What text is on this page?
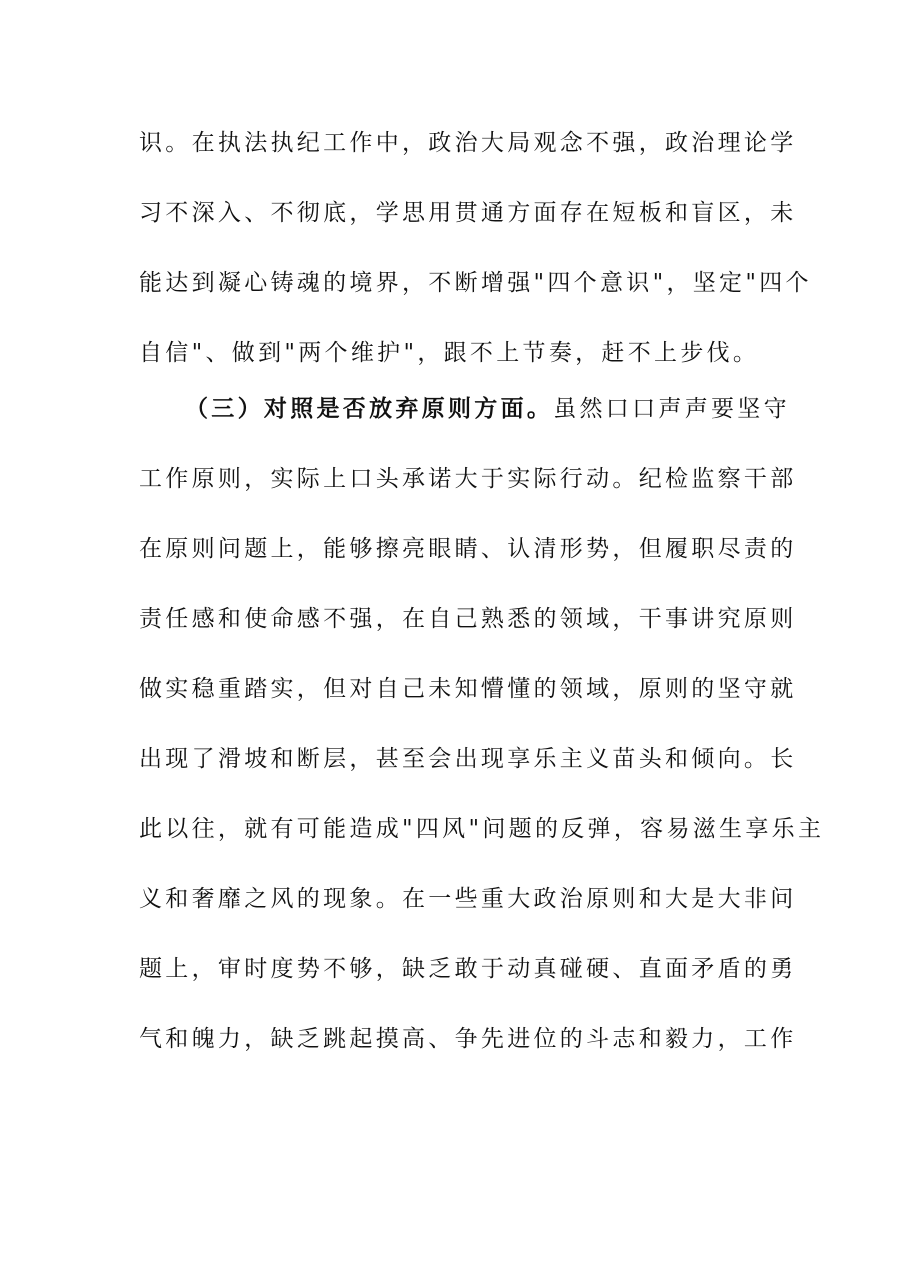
识。在执法执纪工作中，政治大局观念不强，政治理论学
习不深入、不彻底，学思用贯通方面存在短板和盲区，未
能达到凝心铸魂的境界，不断增强"四个意识"，坚定"四个
自信"、做到"两个维护"，跟不上节奏，赶不上步伐。
（三）对照是否放弃原则方面。虽然口口声声要坚守
工作原则，实际上口头承诺大于实际行动。纪检监察干部
在原则问题上，能够擦亮眼睛、认清形势，但履职尽责的
责任感和使命感不强，在自己熟悉的领域，干事讲究原则
做实稳重踏实，但对自己未知懵懂的领域，原则的坚守就
出现了滑坡和断层，甚至会出现享乐主义苗头和倾向。长
此以往，就有可能造成"四风"问题的反弹，容易滋生享乐主
义和奢靡之风的现象。在一些重大政治原则和大是大非问
题上，审时度势不够，缺乏敢于动真碰硬、直面矛盾的勇
气和魄力，缺乏跳起摸高、争先进位的斗志和毅力，工作
